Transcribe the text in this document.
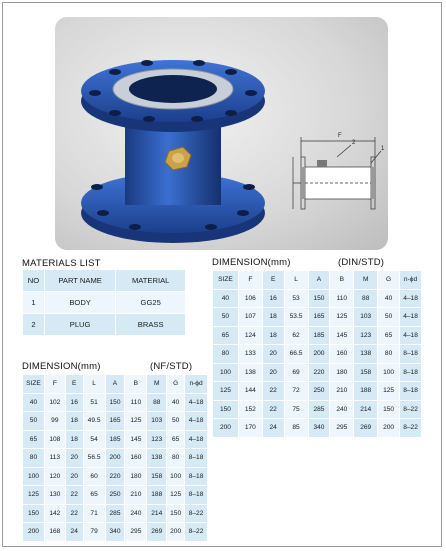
F
2
1
MATERIALS LIST
NO	PART NAME	MATERIAL
1	BODY	GG25
2	PLUG	BRASS
DIMENSION(mm)	(DIN/STD)
SIZE	F	E	L	A	B	M	G	n-ϕd
40	106	16	53	150	110	88	40	4–18
50	107	18	53.5	165	125	103	50	4–18
65	124	18	62	185	145	123	65	4–18
80	133	20	66.5	200	160	138	80	8–18
100	138	20	69	220	180	158	100	8–18
125	144	22	72	250	210	188	125	8–18
150	152	22	75	285	240	214	150	8–22
200	170	24	85	340	295	269	200	8–22
DIMENSION(mm)	(NF/STD)
SIZE	F	E	L	A	B	M	G	n-ϕd
40	102	16	51	150	110	88	40	4–18
50	99	18	49.5	165	125	103	50	4–18
65	108	18	54	185	145	123	65	4–18
80	113	20	56.5	200	160	138	80	8–18
100	120	20	60	220	180	158	100	8–18
125	130	22	65	250	210	188	125	8–18
150	142	22	71	285	240	214	150	8–22
200	168	24	79	340	295	269	200	8–22
